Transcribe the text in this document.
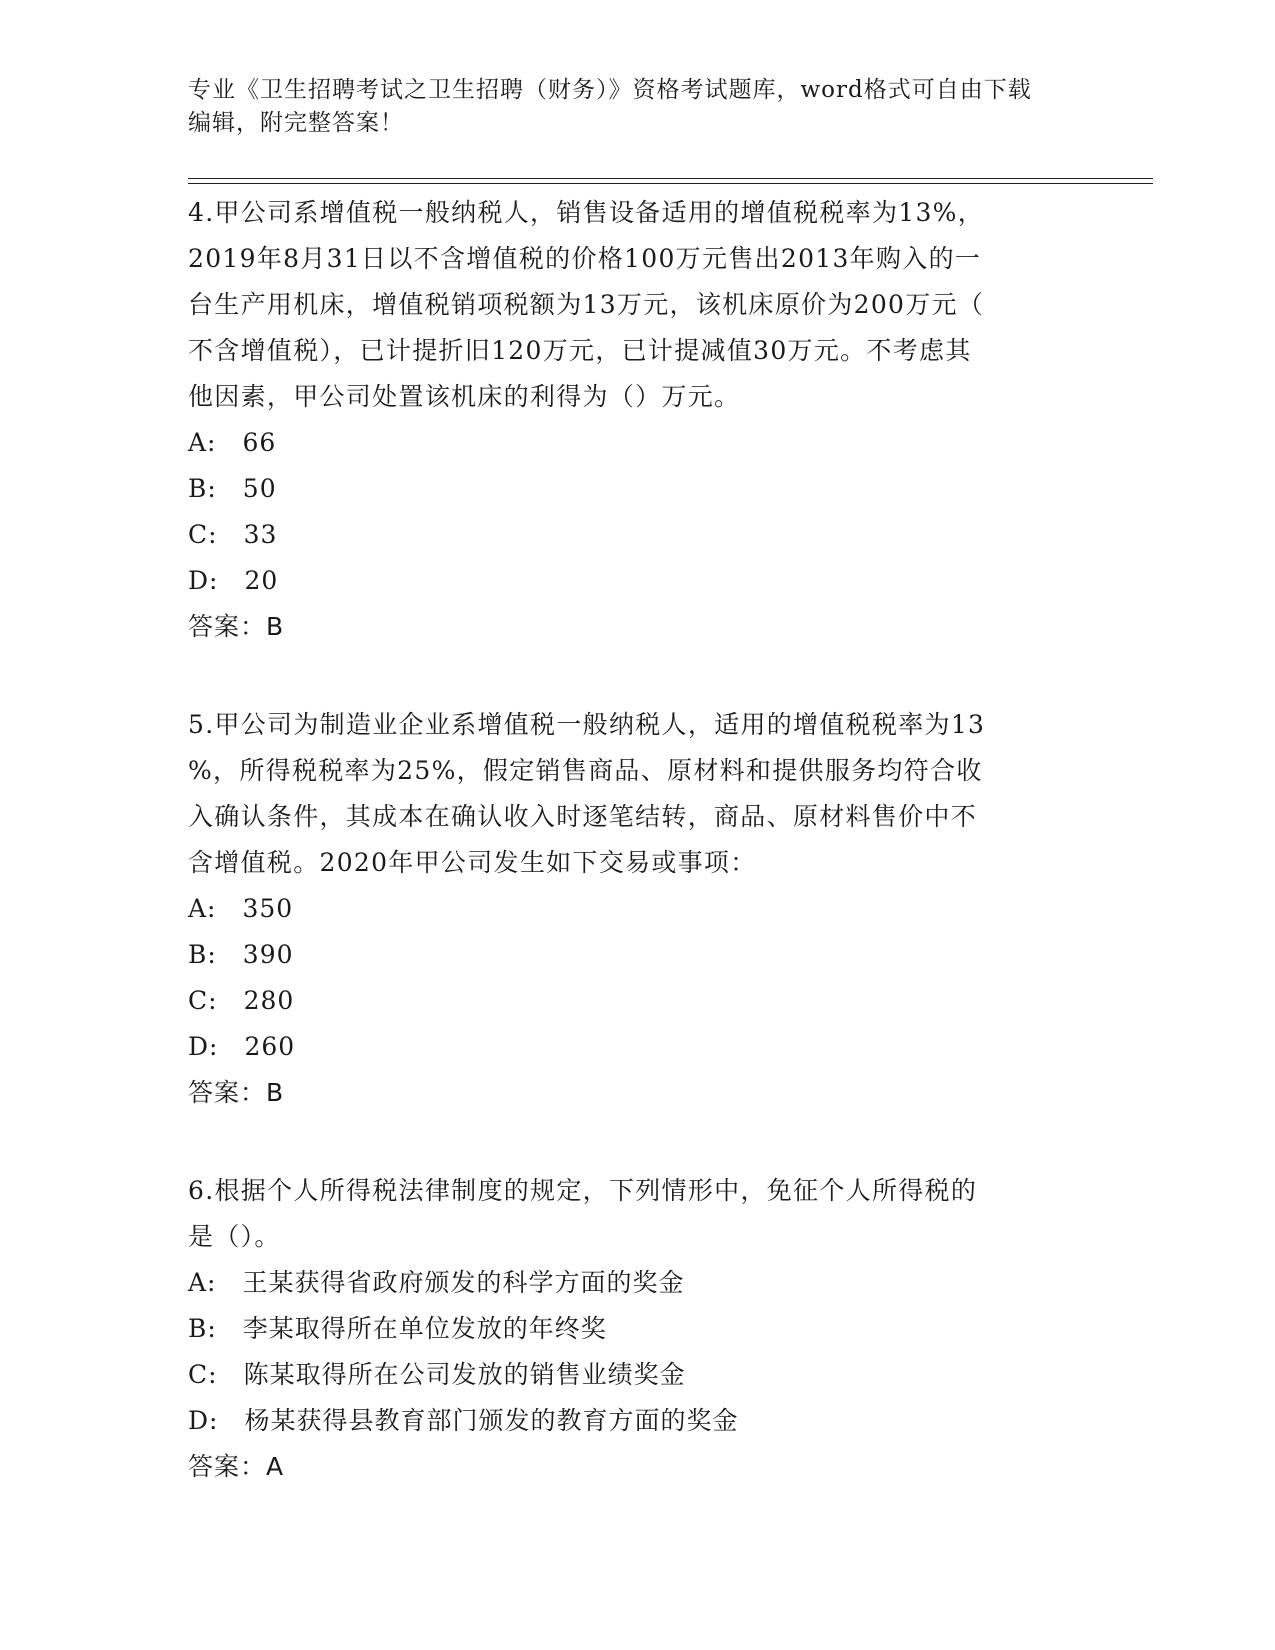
专业《卫生招聘考试之卫生招聘（财务）》资格考试题库，word格式可自由下载
编辑，附完整答案！

4.甲公司系增值税一般纳税人，销售设备适用的增值税税率为13%，

2019年8月31日以不含增值税的价格100万元售出2013年购入的一

台生产用机床，增值税销项税额为13万元，该机床原价为200万元（

不含增值税），已计提折旧120万元，已计提减值30万元。不考虑其

他因素，甲公司处置该机床的利得为（）万元。

A: 66

B: 50

C: 33

D: 20

答案：B

5.甲公司为制造业企业系增值税一般纳税人，适用的增值税税率为13

%，所得税税率为25%，假定销售商品、原材料和提供服务均符合收

入确认条件，其成本在确认收入时逐笔结转，商品、原材料售价中不

含增值税。2020年甲公司发生如下交易或事项：

A: 350

B: 390

C: 280

D: 260

答案：B

6.根据个人所得税法律制度的规定，下列情形中，免征个人所得税的

是（）。

A: 王某获得省政府颁发的科学方面的奖金

B: 李某取得所在单位发放的年终奖

C: 陈某取得所在公司发放的销售业绩奖金

D: 杨某获得县教育部门颁发的教育方面的奖金

答案：A
